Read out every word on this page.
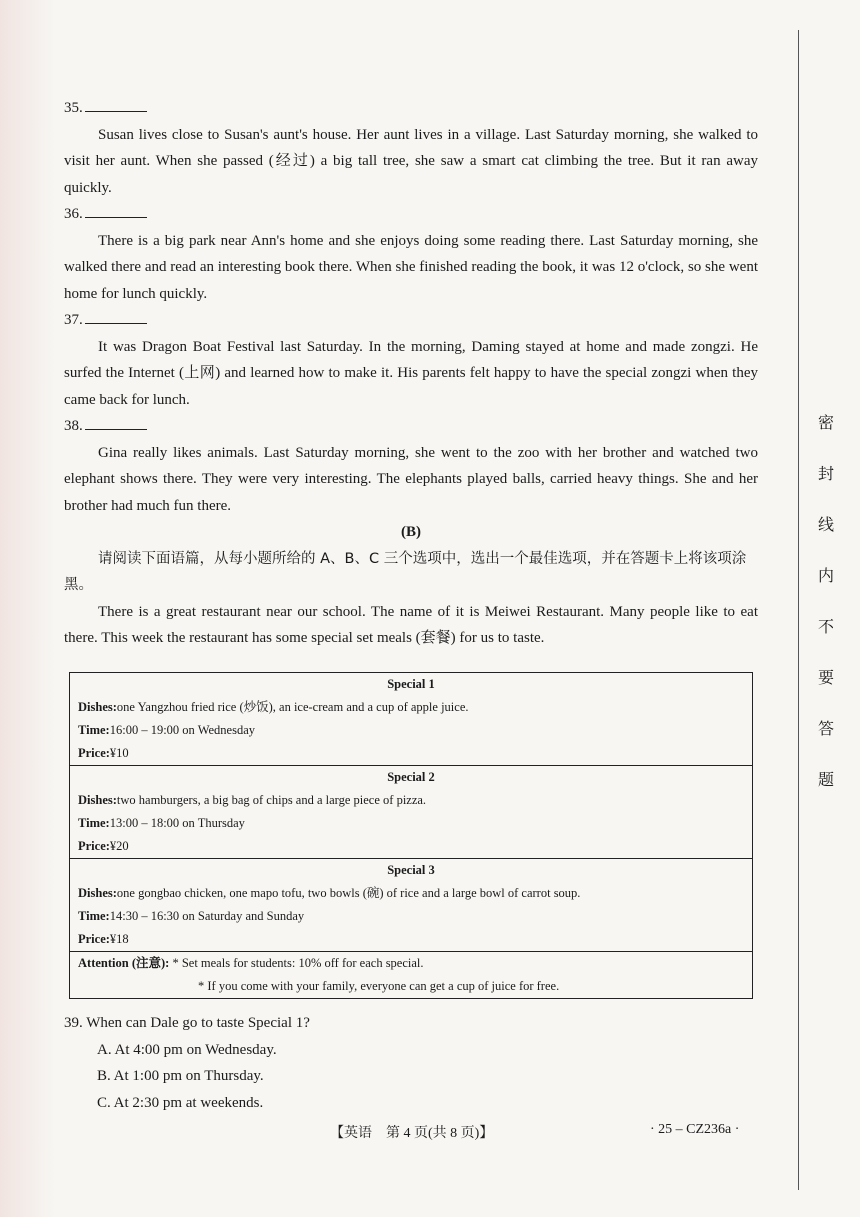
35.

Susan lives close to Susan's aunt's house. Her aunt lives in a village. Last Saturday morning, she walked to visit her aunt. When she passed (经过) a big tall tree, she saw a smart cat climbing the tree. But it ran away quickly.

36.

There is a big park near Ann's home and she enjoys doing some reading there. Last Saturday morning, she walked there and read an interesting book there. When she finished reading the book, it was 12 o'clock, so she went home for lunch quickly.

37.

It was Dragon Boat Festival last Saturday. In the morning, Daming stayed at home and made zongzi. He surfed the Internet (上网) and learned how to make it. His parents felt happy to have the special zongzi when they came back for lunch.

38.

Gina really likes animals. Last Saturday morning, she went to the zoo with her brother and watched two elephant shows there. They were very interesting. The elephants played balls, carried heavy things. She and her brother had much fun there.

(B)

请阅读下面语篇，从每小题所给的 A、B、C 三个选项中，选出一个最佳选项，并在答题卡上将该项涂黑。

There is a great restaurant near our school. The name of it is Meiwei Restaurant. Many people like to eat there. This week the restaurant has some special set meals (套餐) for us to taste.

Special 1
Dishes:one Yangzhou fried rice (炒饭), an ice-cream and a cup of apple juice.
Time:16:00 – 19:00 on Wednesday
Price:¥10
Special 2
Dishes:two hamburgers, a big bag of chips and a large piece of pizza.
Time:13:00 – 18:00 on Thursday
Price:¥20
Special 3
Dishes:one gongbao chicken, one mapo tofu, two bowls (碗) of rice and a large bowl of carrot soup.
Time:14:30 – 16:30 on Saturday and Sunday
Price:¥18
Attention (注意): * Set meals for students: 10% off for each special.
* If you come with your family, everyone can get a cup of juice for free.
39. When can Dale go to taste Special 1?
A. At 4:00 pm on Wednesday.
B. At 1:00 pm on Thursday.
C. At 2:30 pm at weekends.
【英语　第 4 页(共 8 页)】	· 25 – CZ236a ·
密
封
线
内
不
要
答
题
